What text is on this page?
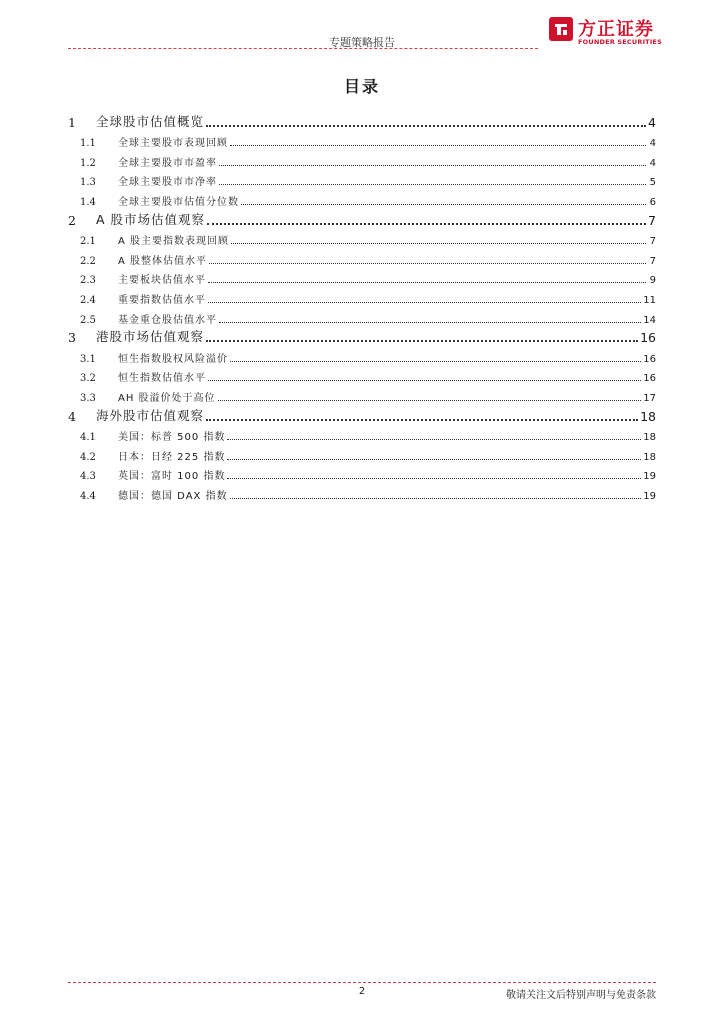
专题策略报告
方正证券
FOUNDER SECURITIES
目录
1	全球股市估值概览	4
1.1	全球主要股市表现回顾	4
1.2	全球主要股市市盈率	4
1.3	全球主要股市市净率	5
1.4	全球主要股市估值分位数	6
2	A 股市场估值观察	7
2.1	A 股主要指数表现回顾	7
2.2	A 股整体估值水平	7
2.3	主要板块估值水平	9
2.4	重要指数估值水平	11
2.5	基金重仓股估值水平	14
3	港股市场估值观察	16
3.1	恒生指数股权风险溢价	16
3.2	恒生指数估值水平	16
3.3	AH 股溢价处于高位	17
4	海外股市估值观察	18
4.1	美国：标普 500 指数	18
4.2	日本：日经 225 指数	18
4.3	英国：富时 100 指数	19
4.4	德国：德国 DAX 指数	19
2	敬请关注文后特别声明与免责条款
